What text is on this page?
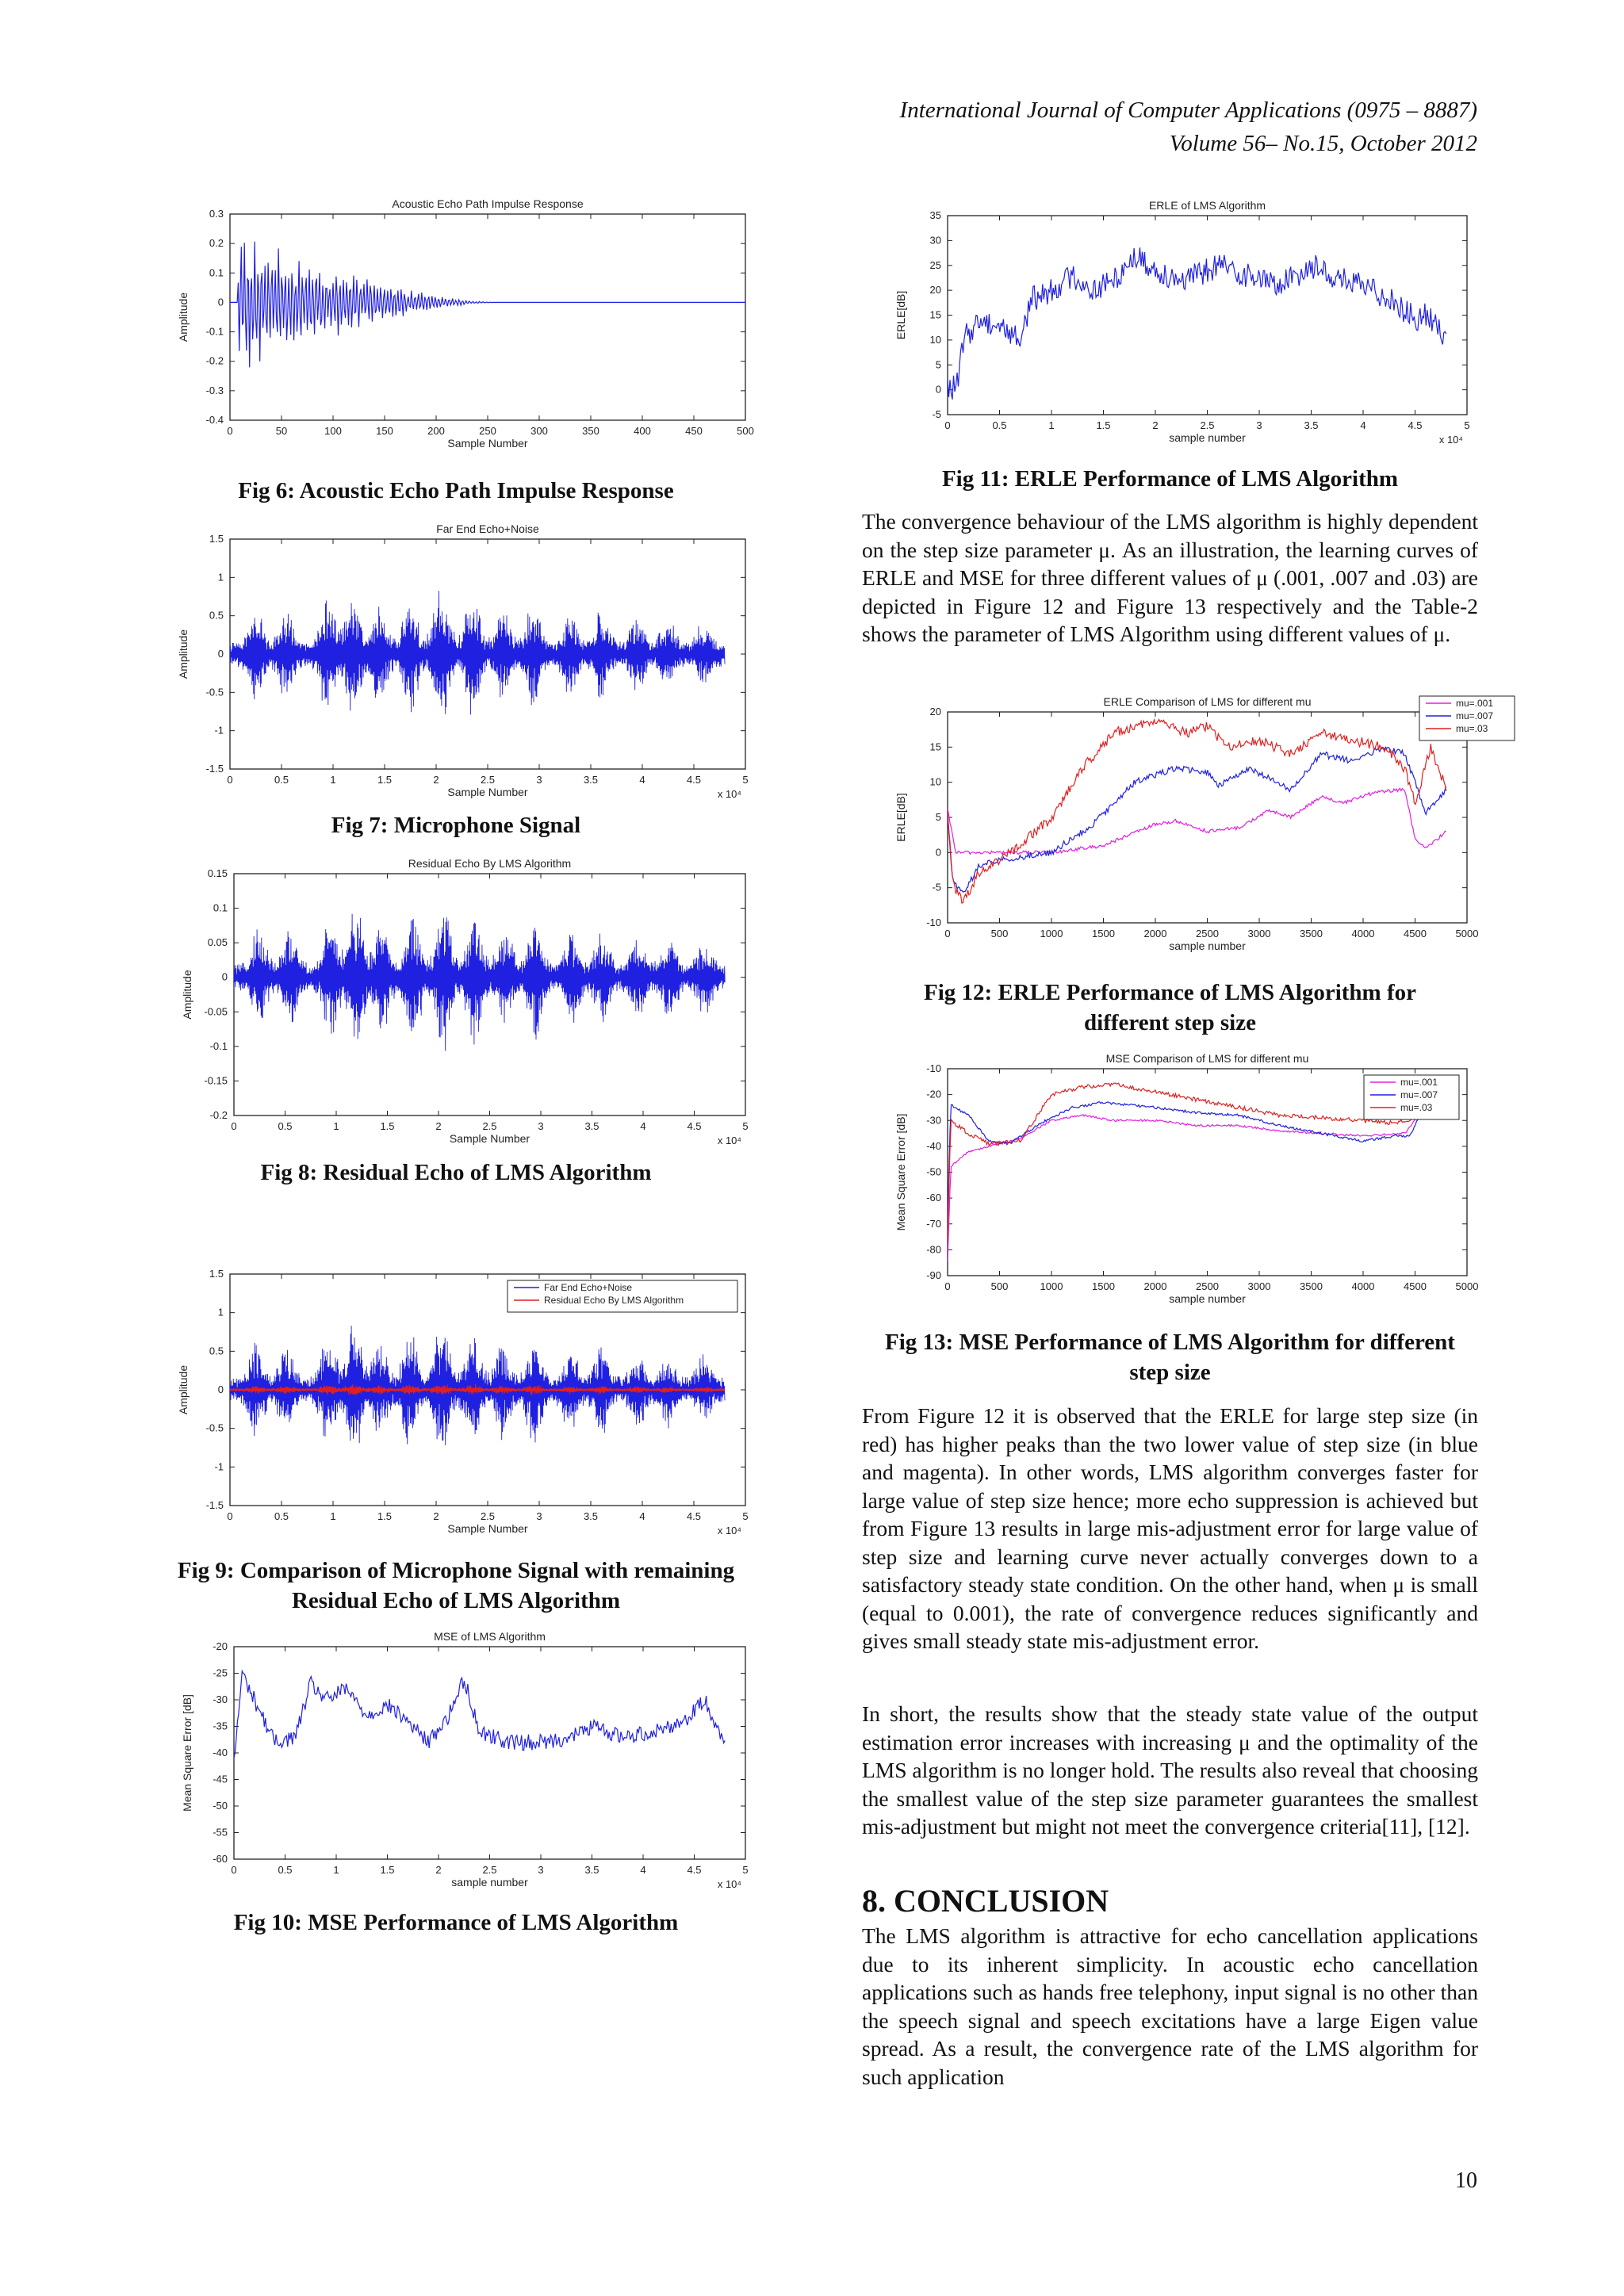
International Journal of Computer Applications (0975 – 8887)
Volume 56– No.15, October 2012
0	50	100	150	200	250	300	350	400	450	500
-0.4
-0.3
-0.2
-0.1
0
0.1
0.2
0.3
Acoustic Echo Path Impulse Response
Sample Number
Amplitude
Fig 6: Acoustic Echo Path Impulse Response
0	0.5	1	1.5	2	2.5	3	3.5	4	4.5	5
-1.5
-1
-0.5
0
0.5
1
1.5
Far End Echo+Noise
Sample Number	x 10⁴
Amplitude
Fig 7: Microphone Signal
0	0.5	1	1.5	2	2.5	3	3.5	4	4.5	5
-0.2
-0.15
-0.1
-0.05
0
0.05
0.1
0.15
Residual Echo By LMS Algorithm
Sample Number	x 10⁴
Amplitude
Fig 8: Residual Echo of LMS Algorithm
0	0.5	1	1.5	2	2.5	3	3.5	4	4.5	5
-1.5
-1
-0.5
0
0.5
1
1.5
Sample Number	x 10⁴
Amplitude
Far End Echo+Noise
Residual Echo By LMS Algorithm
Fig 9: Comparison of Microphone Signal with remaining
Residual Echo of LMS Algorithm
0	0.5	1	1.5	2	2.5	3	3.5	4	4.5	5
-60
-55
-50
-45
-40
-35
-30
-25
-20
MSE of LMS Algorithm
sample number	x 10⁴
Mean Square Error [dB]
Fig 10: MSE Performance of LMS Algorithm
0	0.5	1	1.5	2	2.5	3	3.5	4	4.5	5
-5
0
5
10
15
20
25
30
35
ERLE of LMS Algorithm
sample number	x 10⁴
ERLE[dB]
Fig 11: ERLE Performance of LMS Algorithm
The convergence behaviour of the LMS algorithm is highly dependent on the step size parameter μ. As an illustration, the learning curves of ERLE and MSE for three different values of μ (.001, .007 and .03) are depicted in Figure 12 and Figure 13 respectively and the Table-2 shows the parameter of LMS Algorithm using different values of μ.
0	500	1000	1500	2000	2500	3000	3500	4000	4500	5000
-10
-5
0
5
10
15
20
ERLE Comparison of LMS for different mu
sample number
ERLE[dB]
mu=.001
mu=.007
mu=.03
Fig 12: ERLE Performance of LMS Algorithm for
different step size
0	500	1000	1500	2000	2500	3000	3500	4000	4500	5000
-90
-80
-70
-60
-50
-40
-30
-20
-10
MSE Comparison of LMS for different mu
sample number
Mean Square Error [dB]
mu=.001
mu=.007
mu=.03
Fig 13: MSE Performance of LMS Algorithm for different
step size
From Figure 12 it is observed that the ERLE for large step size (in red) has higher peaks than the two lower value of step size (in blue and magenta). In other words, LMS algorithm converges faster for large value of step size hence; more echo suppression is achieved but from Figure 13 results in large mis-adjustment error for large value of step size and learning curve never actually converges down to a satisfactory steady state condition. On the other hand, when μ is small (equal to 0.001), the rate of convergence reduces significantly and gives small steady state mis-adjustment error.
In short, the results show that the steady state value of the output estimation error increases with increasing μ and the optimality of the LMS algorithm is no longer hold. The results also reveal that choosing the smallest value of the step size parameter guarantees the smallest mis-adjustment but might not meet the convergence criteria[11], [12].
8. CONCLUSION
The LMS algorithm is attractive for echo cancellation applications due to its inherent simplicity. In acoustic echo cancellation applications such as hands free telephony, input signal is no other than the speech signal and speech excitations have a large Eigen value spread. As a result, the convergence rate of the LMS algorithm for such application
10
